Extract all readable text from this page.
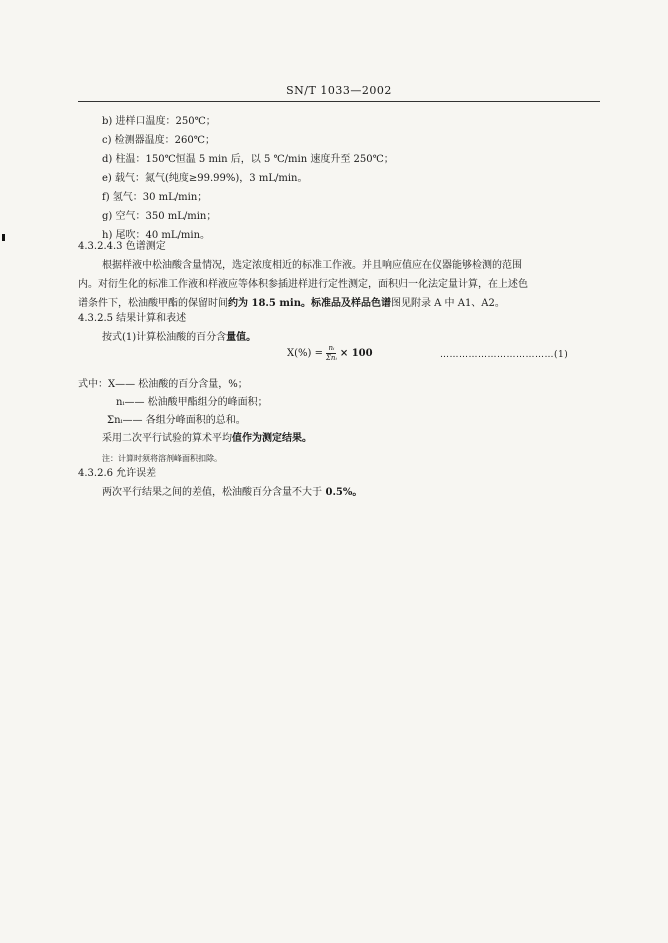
SN/T 1033—2002
b) 进样口温度：250℃；
c) 检测器温度：260℃；
d) 柱温：150℃恒温 5 min 后，以 5 ℃/min 速度升至 250℃；
e) 载气：氮气(纯度≥99.99%)，3 mL/min。
f) 氢气：30 mL/min；
g) 空气：350 mL/min；
h) 尾吹：40 mL/min。
4.3.2.4.3 色谱测定
根据样液中松油酸含量情况，选定浓度相近的标准工作液。并且响应值应在仪器能够检测的范围
内。对衍生化的标准工作液和样液应等体积参插进样进行定性测定，面积归一化法定量计算，在上述色
谱条件下，松油酸甲酯的保留时间约为 18.5 min。标准品及样品色谱图见附录 A 中 A1、A2。
4.3.2.5 结果计算和表述
按式(1)计算松油酸的百分含量值。
$X(\%) = \frac{\text{nᵢ}}{\text{Σnᵢ}} \times 100$	………………………………(1)
式中：X—— 松油酸的百分含量，%；
nᵢ—— 松油酸甲酯组分的峰面积；
Σnᵢ—— 各组分峰面积的总和。
采用二次平行试验的算术平均值作为测定结果。
注：计算时须将溶剂峰面积扣除。
4.3.2.6 允许误差
两次平行结果之间的差值，松油酸百分含量不大于 0.5%。
